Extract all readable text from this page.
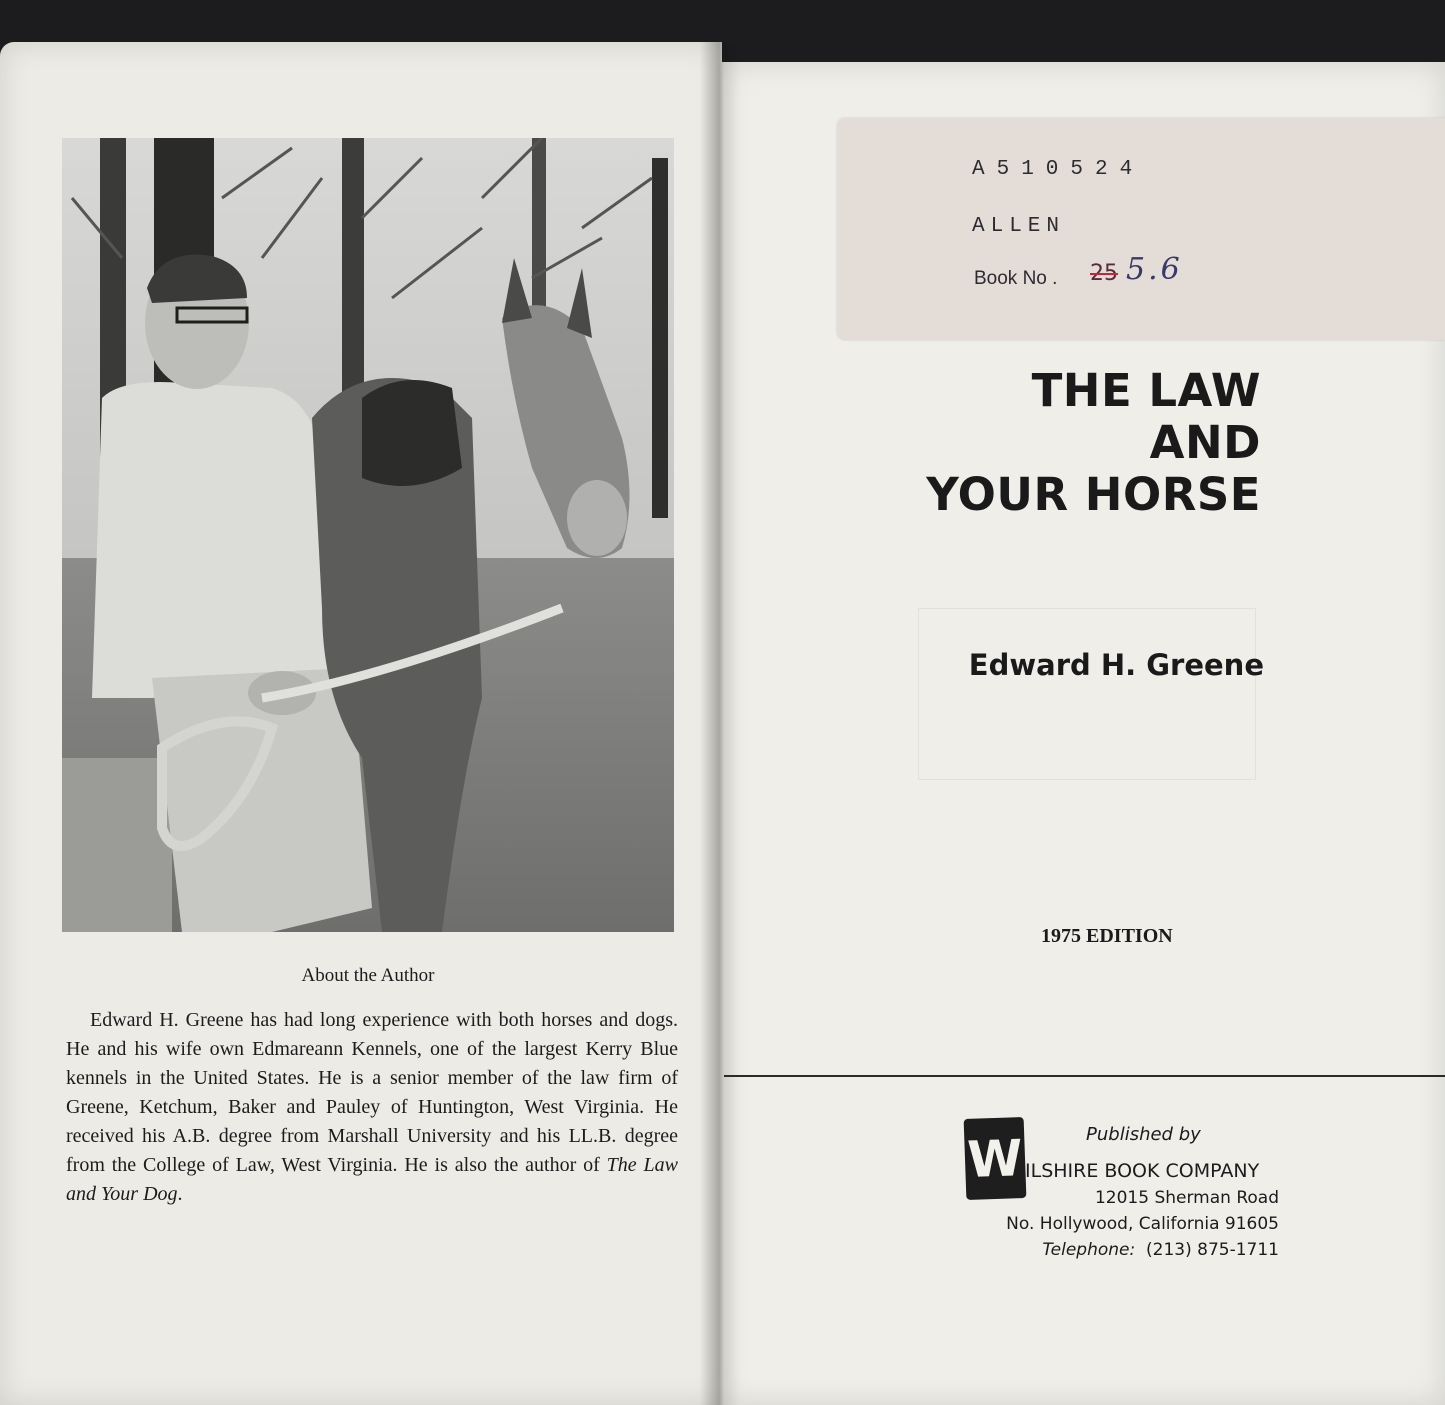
About the Author

Edward H. Greene has had long experience with both horses and dogs. He and his wife own Edmareann Kennels, one of the largest Kerry Blue kennels in the United States. He is a senior member of the law firm of Greene, Ketchum, Baker and Pauley of Huntington, West Virginia. He received his A.B. degree from Marshall University and his LL.B. degree from the College of Law, West Virginia. He is also the author of The Law and Your Dog.

A510524
ALLEN
Book No . 25 5.6
THE LAW
AND
YOUR HORSE
Edward H. Greene
1975 EDITION
W	Published by
ILSHIRE BOOK COMPANY
12015 Sherman Road
No. Hollywood, California 91605
Telephone: (213) 875-1711
